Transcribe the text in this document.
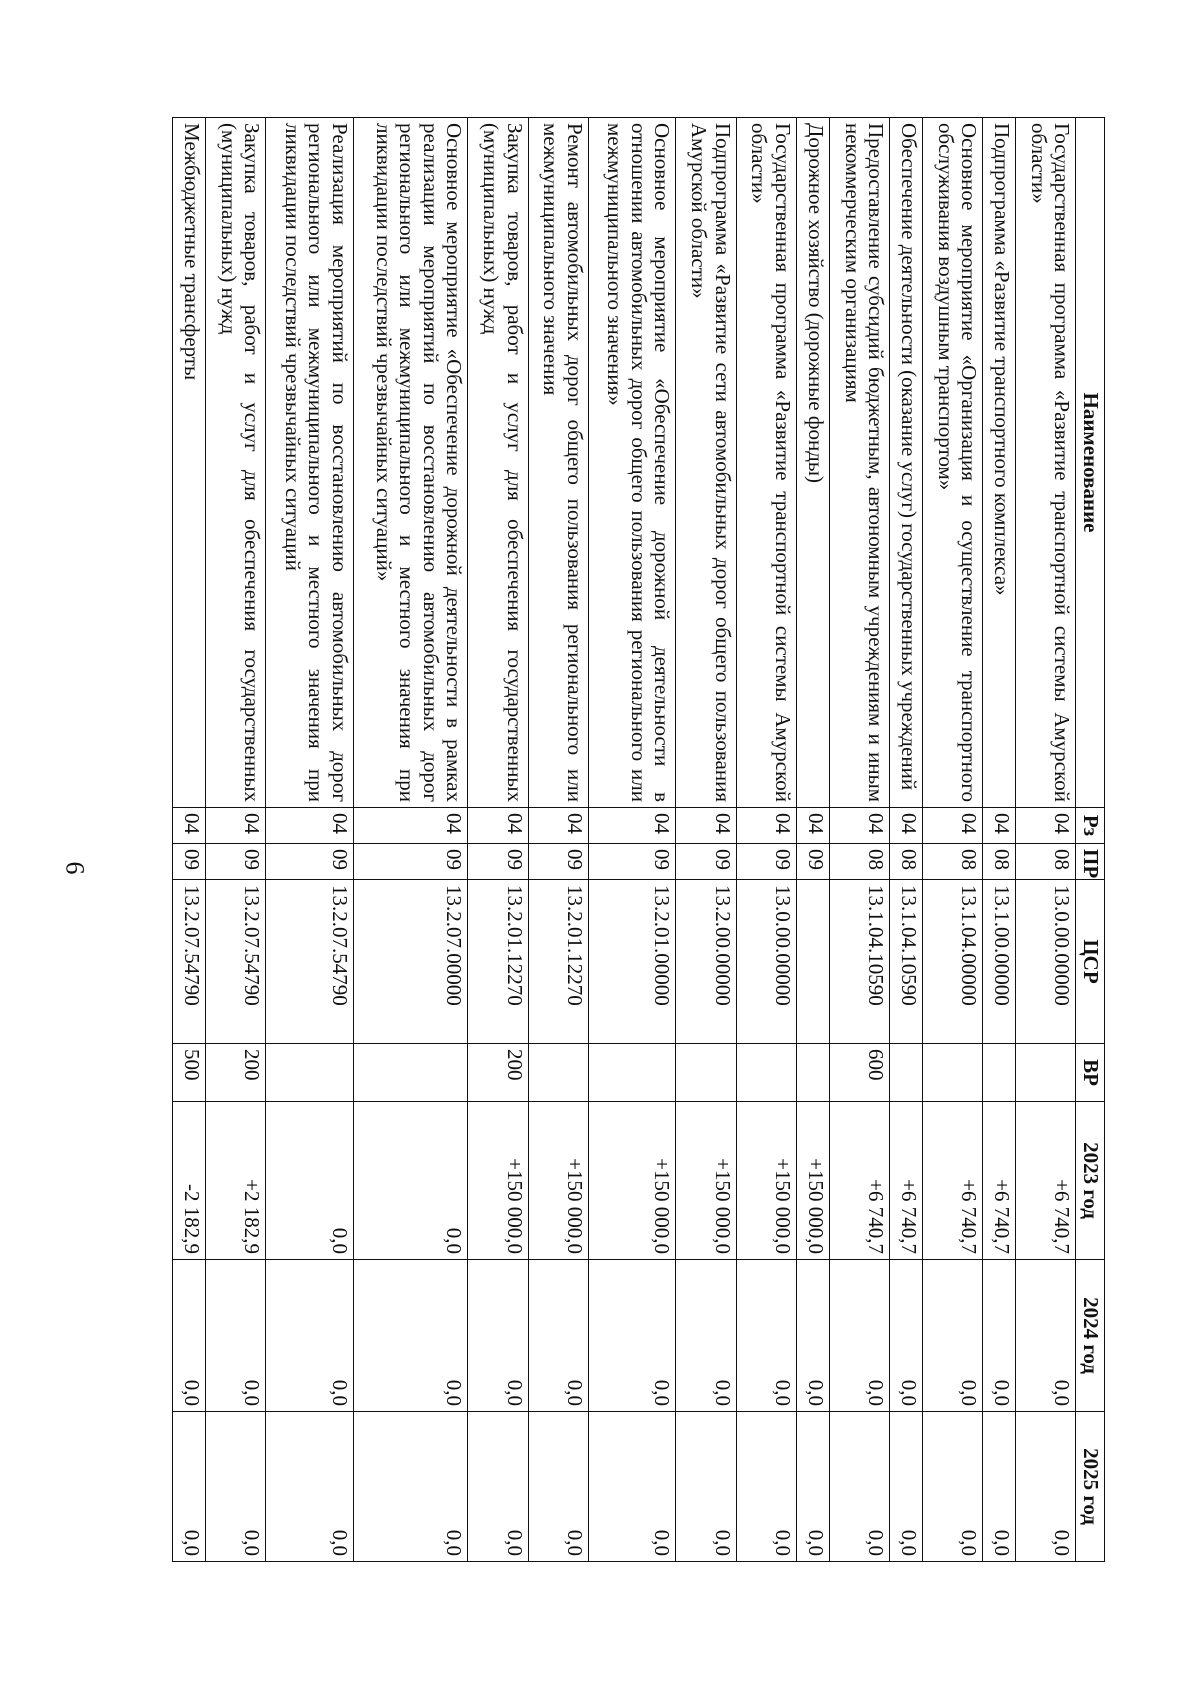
6
Наименование	Рз	ПР	ЦСР	ВР	2023 год	2024 год	2025 год
Государственная программа «Развитие транспортной системы Амурской области»	04	08	13.0.00.00000		+6 740,7	0,0	0,0
Подпрограмма «Развитие транспортного комплекса»	04	08	13.1.00.00000		+6 740,7	0,0	0,0
Основное мероприятие «Организация и осуществление транспортного обслуживания воздушным транспортом»	04	08	13.1.04.00000		+6 740,7	0,0	0,0
Обеспечение деятельности (оказание услуг) государственных учреждений	04	08	13.1.04.10590		+6 740,7	0,0	0,0
Предоставление субсидий бюджетным, автономным учреждениям и иным некоммерческим организациям	04	08	13.1.04.10590	600	+6 740,7	0,0	0,0
Дорожное хозяйство (дорожные фонды)	04	09			+150 000,0	0,0	0,0
Государственная программа «Развитие транспортной системы Амурской области»	04	09	13.0.00.00000		+150 000,0	0,0	0,0
Подпрограмма «Развитие сети автомобильных дорог общего пользования Амурской области»	04	09	13.2.00.00000		+150 000,0	0,0	0,0
Основное мероприятие «Обеспечение дорожной деятельности в отношении автомобильных дорог общего пользования регионального или межмуниципального значения»	04	09	13.2.01.00000		+150 000,0	0,0	0,0
Ремонт автомобильных дорог общего пользования регионального или межмуниципального значения	04	09	13.2.01.12270		+150 000,0	0,0	0,0
Закупка товаров, работ и услуг для обеспечения государственных (муниципальных) нужд	04	09	13.2.01.12270	200	+150 000,0	0,0	0,0
Основное мероприятие «Обеспечение дорожной деятельности в рамках реализации мероприятий по восстановлению автомобильных дорог регионального или межмуниципального и местного значения при ликвидации последствий чрезвычайных ситуаций»	04	09	13.2.07.00000		0,0	0,0	0,0
Реализация мероприятий по восстановлению автомобильных дорог регионального или межмуниципального и местного значения при ликвидации последствий чрезвычайных ситуаций	04	09	13.2.07.54790		0,0	0,0	0,0
Закупка товаров, работ и услуг для обеспечения государственных (муниципальных) нужд	04	09	13.2.07.54790	200	+2 182,9	0,0	0,0
Межбюджетные трансферты	04	09	13.2.07.54790	500	-2 182,9	0,0	0,0
